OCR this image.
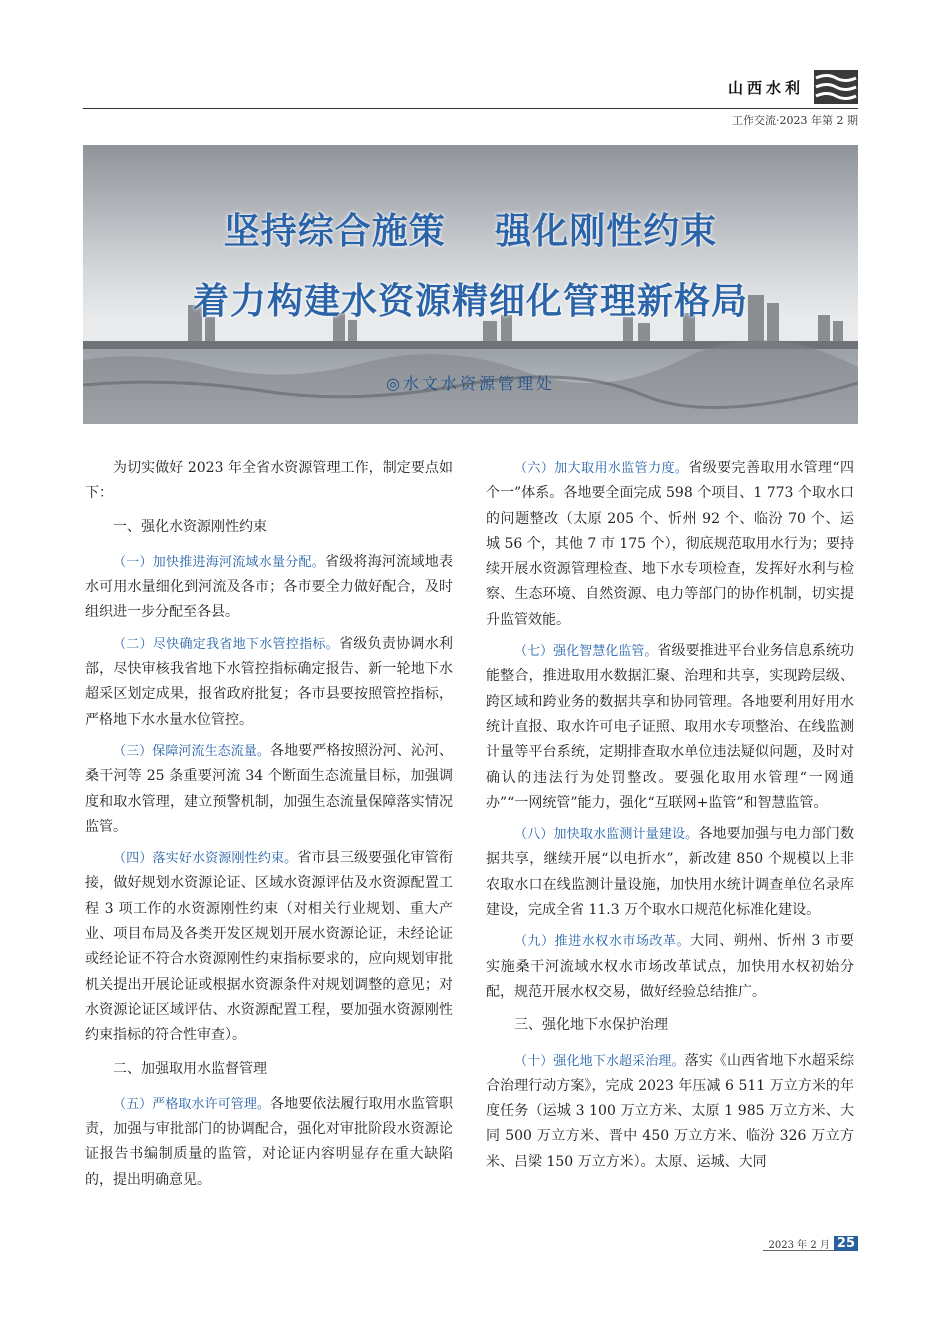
山西水利
工作交流·2023 年第 2 期
坚持综合施策 强化刚性约束
着力构建水资源精细化管理新格局
◎水文水资源管理处

为切实做好 2023 年全省水资源管理工作，制定要点如下：

一、强化水资源刚性约束

（一）加快推进海河流域水量分配。省级将海河流域地表水可用水量细化到河流及各市；各市要全力做好配合，及时组织进一步分配至各县。

（二）尽快确定我省地下水管控指标。省级负责协调水利部，尽快审核我省地下水管控指标确定报告、新一轮地下水超采区划定成果，报省政府批复；各市县要按照管控指标，严格地下水水量水位管控。

（三）保障河流生态流量。各地要严格按照汾河、沁河、桑干河等 25 条重要河流 34 个断面生态流量目标，加强调度和取水管理，建立预警机制，加强生态流量保障落实情况监管。

（四）落实好水资源刚性约束。省市县三级要强化审管衔接，做好规划水资源论证、区域水资源评估及水资源配置工程 3 项工作的水资源刚性约束（对相关行业规划、重大产业、项目布局及各类开发区规划开展水资源论证，未经论证或经论证不符合水资源刚性约束指标要求的，应向规划审批机关提出开展论证或根据水资源条件对规划调整的意见；对水资源论证区域评估、水资源配置工程，要加强水资源刚性约束指标的符合性审查）。

二、加强取用水监督管理

（五）严格取水许可管理。各地要依法履行取用水监管职责，加强与审批部门的协调配合，强化对审批阶段水资源论证报告书编制质量的监管，对论证内容明显存在重大缺陷的，提出明确意见。

（六）加大取用水监管力度。省级要完善取用水管理“四个一”体系。各地要全面完成 598 个项目、1 773 个取水口的问题整改（太原 205 个、忻州 92 个、临汾 70 个、运城 56 个，其他 7 市 175 个），彻底规范取用水行为；要持续开展水资源管理检查、地下水专项检查，发挥好水利与检察、生态环境、自然资源、电力等部门的协作机制，切实提升监管效能。

（七）强化智慧化监管。省级要推进平台业务信息系统功能整合，推进取用水数据汇聚、治理和共享，实现跨层级、跨区域和跨业务的数据共享和协同管理。各地要利用好用水统计直报、取水许可电子证照、取用水专项整治、在线监测计量等平台系统，定期排查取水单位违法疑似问题，及时对确认的违法行为处罚整改。要强化取用水管理“一网通办”“一网统管”能力，强化“互联网+监管”和智慧监管。

（八）加快取水监测计量建设。各地要加强与电力部门数据共享，继续开展“以电折水”，新改建 850 个规模以上非农取水口在线监测计量设施，加快用水统计调查单位名录库建设，完成全省 11.3 万个取水口规范化标准化建设。

（九）推进水权水市场改革。大同、朔州、忻州 3 市要实施桑干河流域水权水市场改革试点，加快用水权初始分配，规范开展水权交易，做好经验总结推广。

三、强化地下水保护治理

（十）强化地下水超采治理。落实《山西省地下水超采综合治理行动方案》，完成 2023 年压减 6 511 万立方米的年度任务（运城 3 100 万立方米、太原 1 985 万立方米、大同 500 万立方米、晋中 450 万立方米、临汾 326 万立方米、吕梁 150 万立方米）。太原、运城、大同

2023 年 2 月 25
